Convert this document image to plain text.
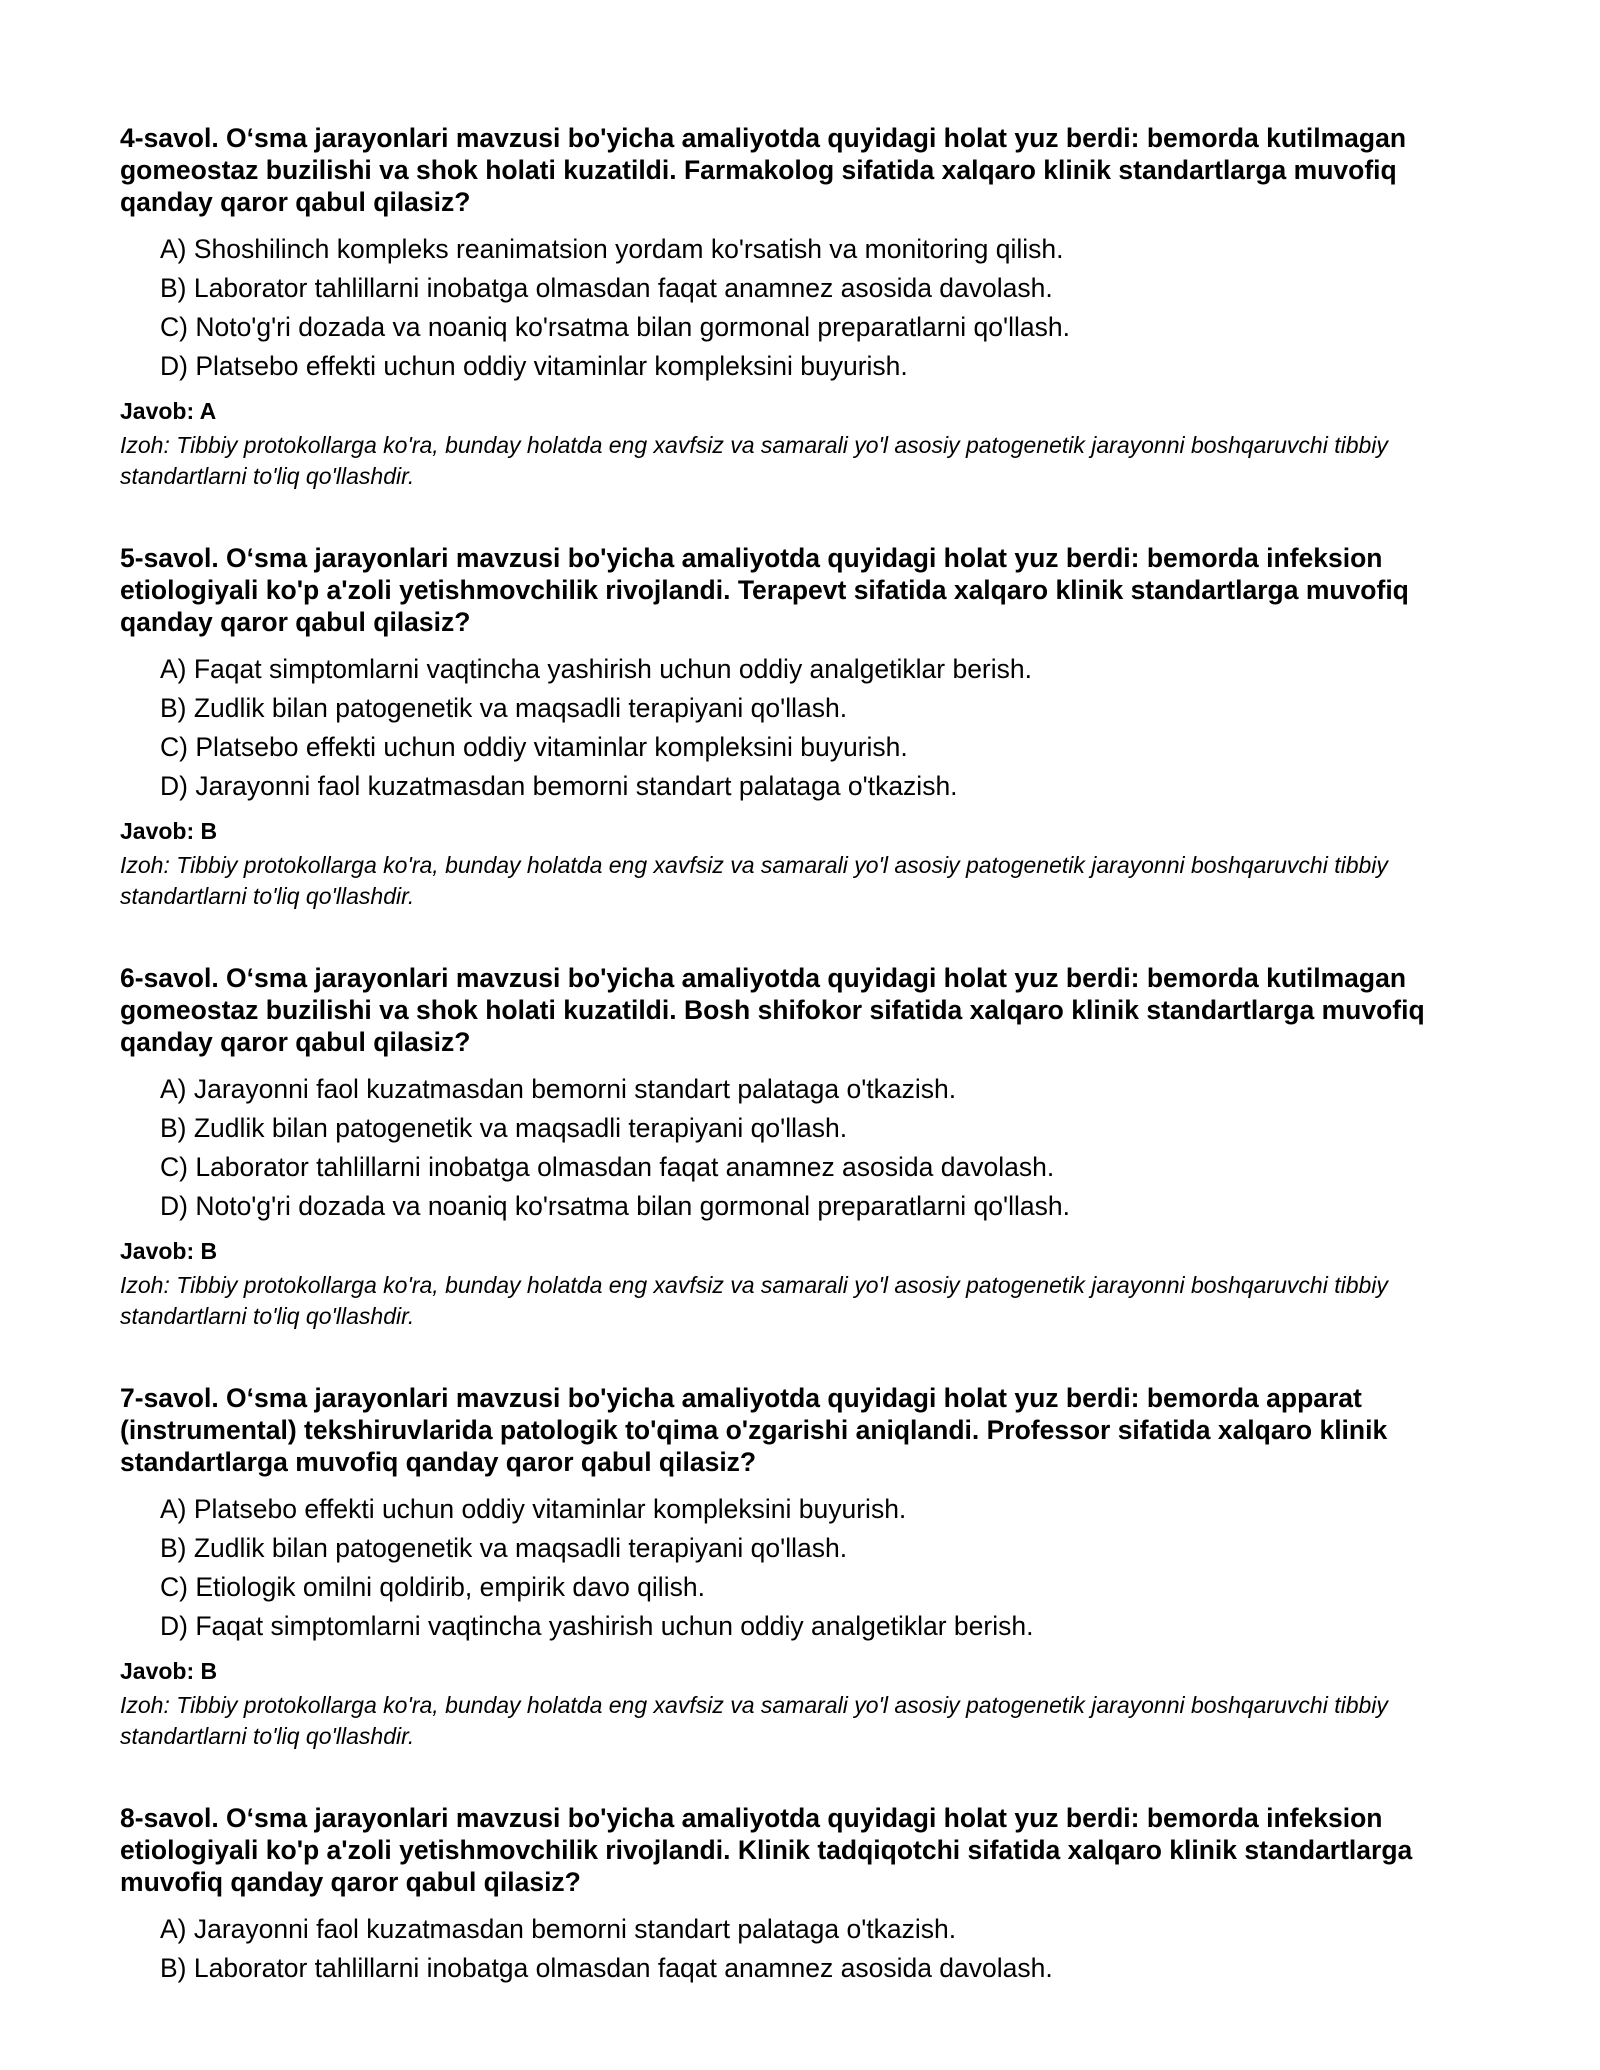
4-savol. O‘sma jarayonlari mavzusi bo'yicha amaliyotda quyidagi holat yuz berdi: bemorda kutilmagan gomeostaz buzilishi va shok holati kuzatildi. Farmakolog sifatida xalqaro klinik standartlarga muvofiq qanday qaror qabul qilasiz?

A) Shoshilinch kompleks reanimatsion yordam ko'rsatish va monitoring qilish.
B) Laborator tahlillarni inobatga olmasdan faqat anamnez asosida davolash.
C) Noto'g'ri dozada va noaniq ko'rsatma bilan gormonal preparatlarni qo'llash.
D) Platsebo effekti uchun oddiy vitaminlar kompleksini buyurish.

Javob: A

Izoh: Tibbiy protokollarga ko'ra, bunday holatda eng xavfsiz va samarali yo'l asosiy patogenetik jarayonni boshqaruvchi tibbiy standartlarni to'liq qo'llashdir.

5-savol. O‘sma jarayonlari mavzusi bo'yicha amaliyotda quyidagi holat yuz berdi: bemorda infeksion etiologiyali ko'p a'zoli yetishmovchilik rivojlandi. Terapevt sifatida xalqaro klinik standartlarga muvofiq qanday qaror qabul qilasiz?

A) Faqat simptomlarni vaqtincha yashirish uchun oddiy analgetiklar berish.
B) Zudlik bilan patogenetik va maqsadli terapiyani qo'llash.
C) Platsebo effekti uchun oddiy vitaminlar kompleksini buyurish.
D) Jarayonni faol kuzatmasdan bemorni standart palataga o'tkazish.

Javob: B

Izoh: Tibbiy protokollarga ko'ra, bunday holatda eng xavfsiz va samarali yo'l asosiy patogenetik jarayonni boshqaruvchi tibbiy standartlarni to'liq qo'llashdir.

6-savol. O‘sma jarayonlari mavzusi bo'yicha amaliyotda quyidagi holat yuz berdi: bemorda kutilmagan gomeostaz buzilishi va shok holati kuzatildi. Bosh shifokor sifatida xalqaro klinik standartlarga muvofiq qanday qaror qabul qilasiz?

A) Jarayonni faol kuzatmasdan bemorni standart palataga o'tkazish.
B) Zudlik bilan patogenetik va maqsadli terapiyani qo'llash.
C) Laborator tahlillarni inobatga olmasdan faqat anamnez asosida davolash.
D) Noto'g'ri dozada va noaniq ko'rsatma bilan gormonal preparatlarni qo'llash.

Javob: B

Izoh: Tibbiy protokollarga ko'ra, bunday holatda eng xavfsiz va samarali yo'l asosiy patogenetik jarayonni boshqaruvchi tibbiy standartlarni to'liq qo'llashdir.

7-savol. O‘sma jarayonlari mavzusi bo'yicha amaliyotda quyidagi holat yuz berdi: bemorda apparat (instrumental) tekshiruvlarida patologik to'qima o'zgarishi aniqlandi. Professor sifatida xalqaro klinik standartlarga muvofiq qanday qaror qabul qilasiz?

A) Platsebo effekti uchun oddiy vitaminlar kompleksini buyurish.
B) Zudlik bilan patogenetik va maqsadli terapiyani qo'llash.
C) Etiologik omilni qoldirib, empirik davo qilish.
D) Faqat simptomlarni vaqtincha yashirish uchun oddiy analgetiklar berish.

Javob: B

Izoh: Tibbiy protokollarga ko'ra, bunday holatda eng xavfsiz va samarali yo'l asosiy patogenetik jarayonni boshqaruvchi tibbiy standartlarni to'liq qo'llashdir.

8-savol. O‘sma jarayonlari mavzusi bo'yicha amaliyotda quyidagi holat yuz berdi: bemorda infeksion etiologiyali ko'p a'zoli yetishmovchilik rivojlandi. Klinik tadqiqotchi sifatida xalqaro klinik standartlarga muvofiq qanday qaror qabul qilasiz?

A) Jarayonni faol kuzatmasdan bemorni standart palataga o'tkazish.
B) Laborator tahlillarni inobatga olmasdan faqat anamnez asosida davolash.
